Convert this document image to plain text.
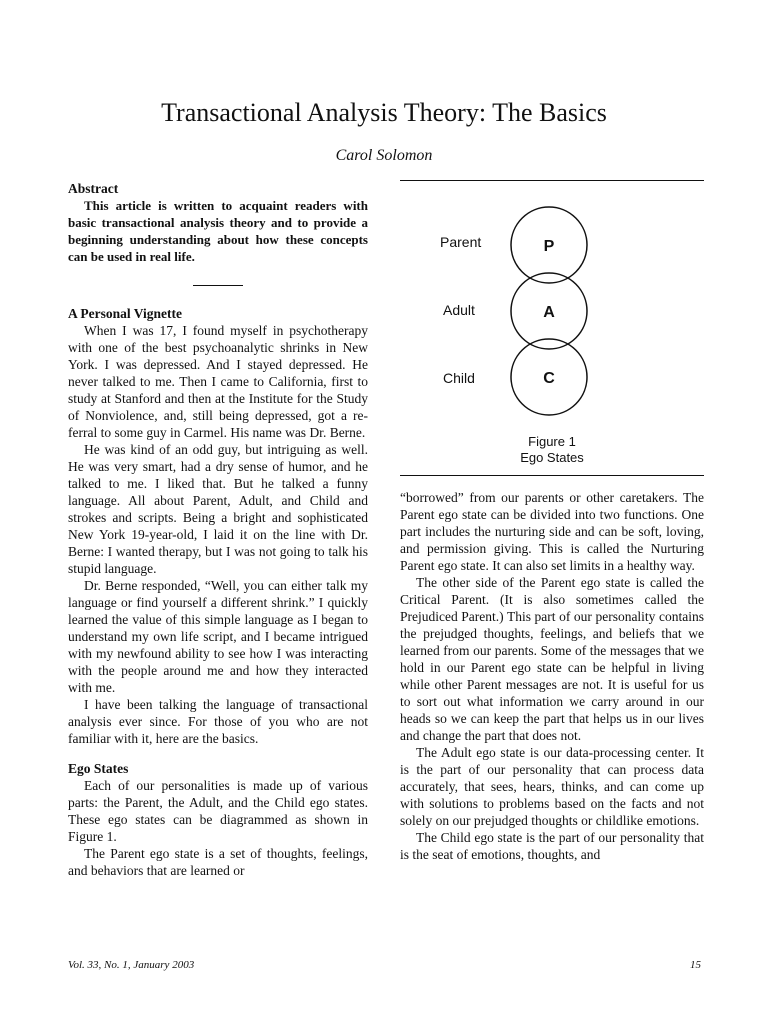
Transactional Analysis Theory: The Basics
Carol Solomon
Abstract

This article is written to acquaint readers with basic transactional analysis theory and to provide a beginning understanding about how these concepts can be used in real life.

A Personal Vignette

When I was 17, I found myself in psychotherapy with one of the best psychoanalytic shrinks in New York. I was depressed. And I stayed depressed. He never talked to me. Then I came to California, first to study at Stanford and then at the Institute for the Study of Nonviolence, and, still being depressed, got a referral to some guy in Carmel. His name was Dr. Berne.

He was kind of an odd guy, but intriguing as well. He was very smart, had a dry sense of humor, and he talked to me. I liked that. But he talked a funny language. All about Parent, Adult, and Child and strokes and scripts. Being a bright and sophisticated New York 19-year-old, I laid it on the line with Dr. Berne: I wanted therapy, but I was not going to talk his stupid language.

Dr. Berne responded, “Well, you can either talk my language or find yourself a different shrink.” I quickly learned the value of this simple language as I began to understand my own life script, and I became intrigued with my newfound ability to see how I was interacting with the people around me and how they interacted with me.

I have been talking the language of transactional analysis ever since. For those of you who are not familiar with it, here are the basics.

Ego States

Each of our personalities is made up of various parts: the Parent, the Adult, and the Child ego states. These ego states can be diagrammed as shown in Figure 1.

The Parent ego state is a set of thoughts, feelings, and behaviors that are learned or

P
A
C
Parent
Adult
Child
Figure 1
Ego States

“borrowed” from our parents or other caretakers. The Parent ego state can be divided into two functions. One part includes the nurturing side and can be soft, loving, and permission giving. This is called the Nurturing Parent ego state. It can also set limits in a healthy way.

The other side of the Parent ego state is called the Critical Parent. (It is also sometimes called the Prejudiced Parent.) This part of our personality contains the prejudged thoughts, feelings, and beliefs that we learned from our parents. Some of the messages that we hold in our Parent ego state can be helpful in living while other Parent messages are not. It is useful for us to sort out what information we carry around in our heads so we can keep the part that helps us in our lives and change the part that does not.

The Adult ego state is our data-processing center. It is the part of our personality that can process data accurately, that sees, hears, thinks, and can come up with solutions to problems based on the facts and not solely on our prejudged thoughts or childlike emotions.

The Child ego state is the part of our personality that is the seat of emotions, thoughts, and

Vol. 33, No. 1, January 2003	15
